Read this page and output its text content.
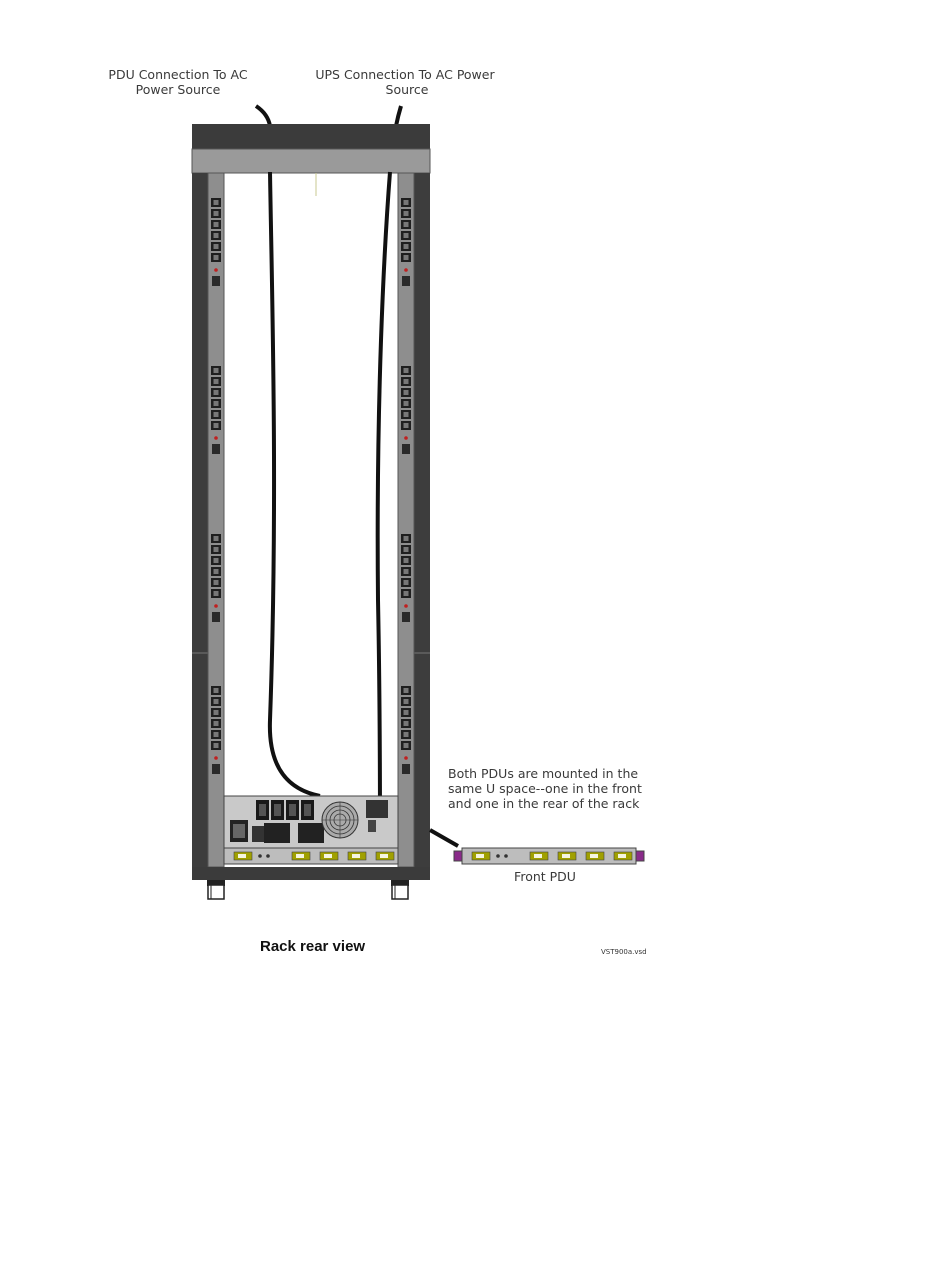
PDU Connection To AC
Power Source
UPS Connection To AC Power
Source
Both PDUs are mounted in the
same U space--one in the front
and one in the rear of the rack
Front PDU
Rack rear view	VST900a.vsd
